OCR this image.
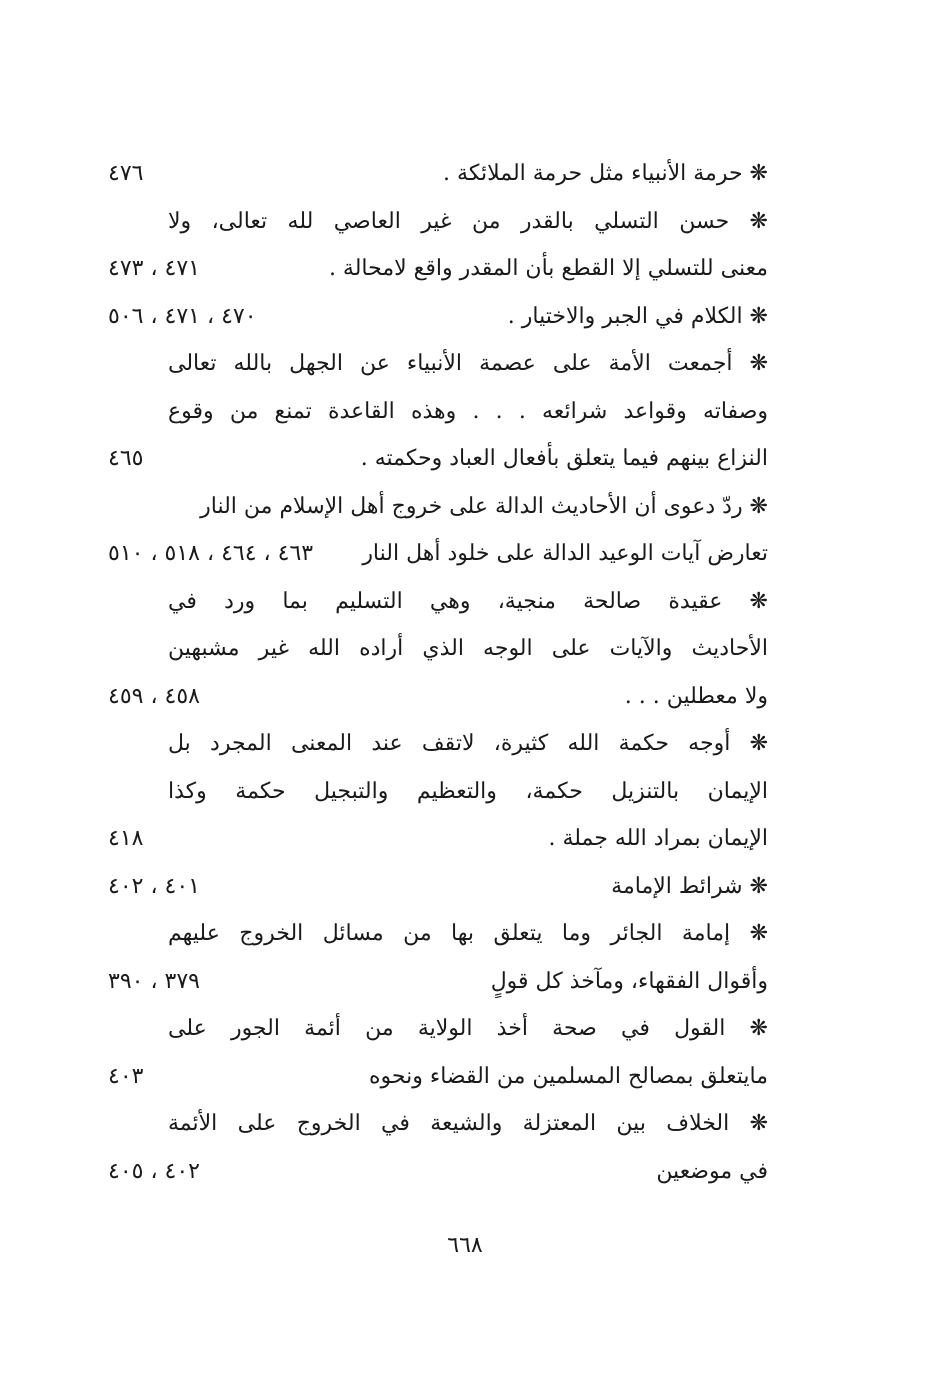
❋ حرمة الأنبياء مثل حرمة الملائكة .
٤٧٦
❋ حسن التسلي بالقدر من غير العاصي لله تعالى، ولا
معنى للتسلي إلا القطع بأن المقدر واقع لامحالة .
٤٧١ ، ٤٧٣
❋ الكلام في الجبر والاختيار .
٤٧٠ ، ٤٧١ ، ٥٠٦
❋ أجمعت الأمة على عصمة الأنبياء عن الجهل بالله تعالى
وصفاته وقواعد شرائعه . . . وهذه القاعدة تمنع من وقوع
النزاع بينهم فيما يتعلق بأفعال العباد وحكمته .
٤٦٥
❋ ردّ دعوى أن الأحاديث الدالة على خروج أهل الإسلام من النار
تعارض آيات الوعيد الدالة على خلود أهل النار
٤٦٣ ، ٤٦٤ ، ٥١٨ ، ٥١٠
❋ عقيدة صالحة منجية، وهي التسليم بما ورد في
الأحاديث والآيات على الوجه الذي أراده الله غير مشبهين
ولا معطلين . . .
٤٥٨ ، ٤٥٩
❋ أوجه حكمة الله كثيرة، لاتقف عند المعنى المجرد بل
الإيمان بالتنزيل حكمة، والتعظيم والتبجيل حكمة وكذا
الإيمان بمراد الله جملة .
٤١٨
❋ شرائط الإمامة
٤٠١ ، ٤٠٢
❋ إمامة الجائر وما يتعلق بها من مسائل الخروج عليهم
وأقوال الفقهاء، ومآخذ كل قولٍ
٣٧٩ ، ٣٩٠
❋ القول في صحة أخذ الولاية من أئمة الجور على
مايتعلق بمصالح المسلمين من القضاء ونحوه
٤٠٣
❋ الخلاف بين المعتزلة والشيعة في الخروج على الأئمة
في موضعين
٤٠٢ ، ٤٠٥
٦٦٨
